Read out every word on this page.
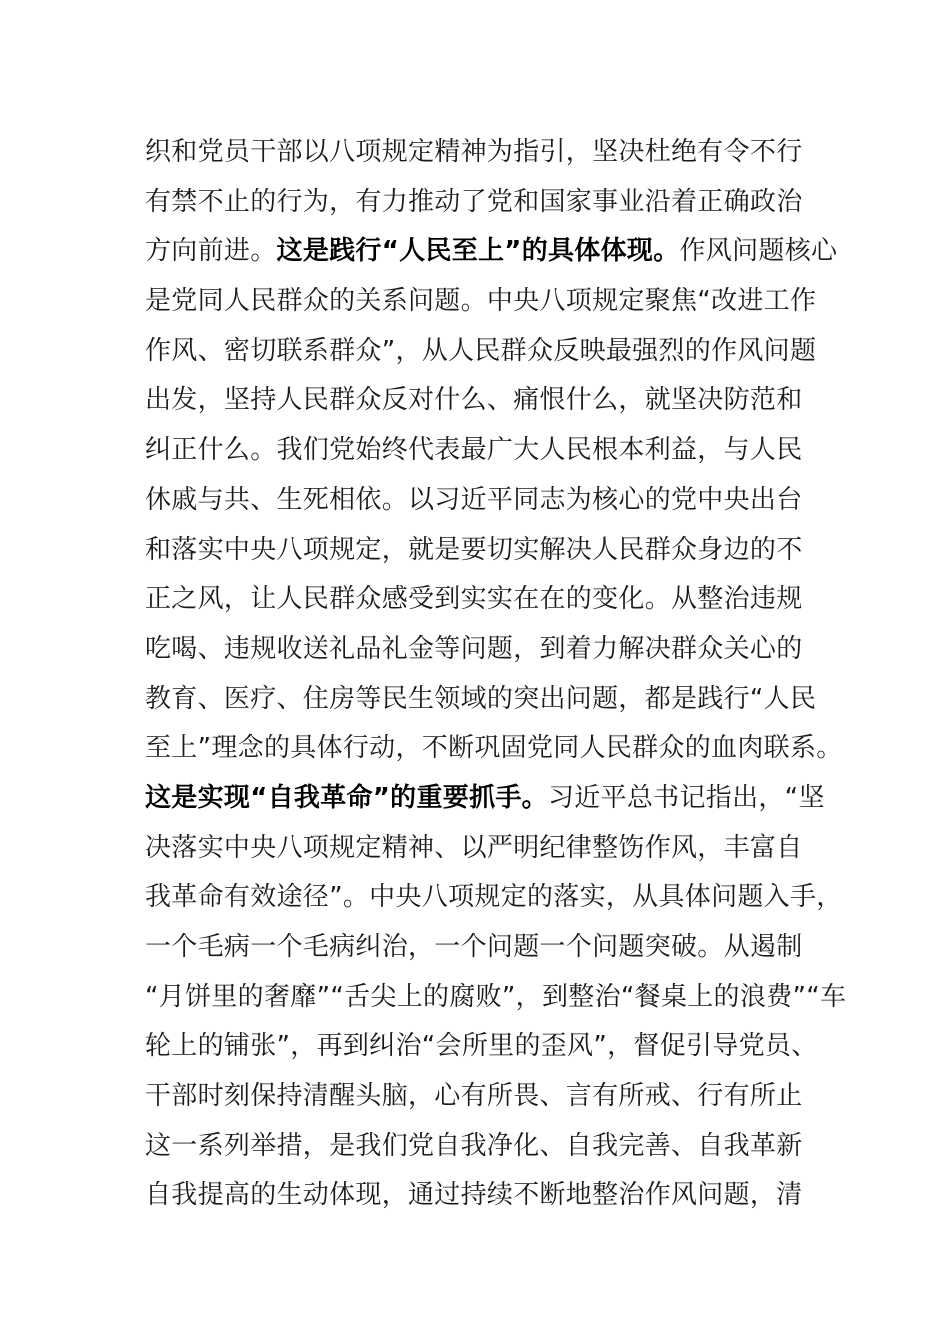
织和党员干部以八项规定精神为指引，坚决杜绝有令不行
有禁不止的行为，有力推动了党和国家事业沿着正确政治
方向前进。这是践行“人民至上”的具体体现。作风问题核心
是党同人民群众的关系问题。中央八项规定聚焦“改进工作
作风、密切联系群众”，从人民群众反映最强烈的作风问题
出发，坚持人民群众反对什么、痛恨什么，就坚决防范和
纠正什么。我们党始终代表最广大人民根本利益，与人民
休戚与共、生死相依。以习近平同志为核心的党中央出台
和落实中央八项规定，就是要切实解决人民群众身边的不
正之风，让人民群众感受到实实在在的变化。从整治违规
吃喝、违规收送礼品礼金等问题，到着力解决群众关心的
教育、医疗、住房等民生领域的突出问题，都是践行“人民
至上”理念的具体行动，不断巩固党同人民群众的血肉联系。
这是实现“自我革命”的重要抓手。习近平总书记指出，“坚
决落实中央八项规定精神、以严明纪律整饬作风，丰富自
我革命有效途径”。中央八项规定的落实，从具体问题入手，
一个毛病一个毛病纠治，一个问题一个问题突破。从遏制
“月饼里的奢靡”“舌尖上的腐败”，到整治“餐桌上的浪费”“车
轮上的铺张”，再到纠治“会所里的歪风”，督促引导党员、
干部时刻保持清醒头脑，心有所畏、言有所戒、行有所止
这一系列举措，是我们党自我净化、自我完善、自我革新
自我提高的生动体现，通过持续不断地整治作风问题，清
